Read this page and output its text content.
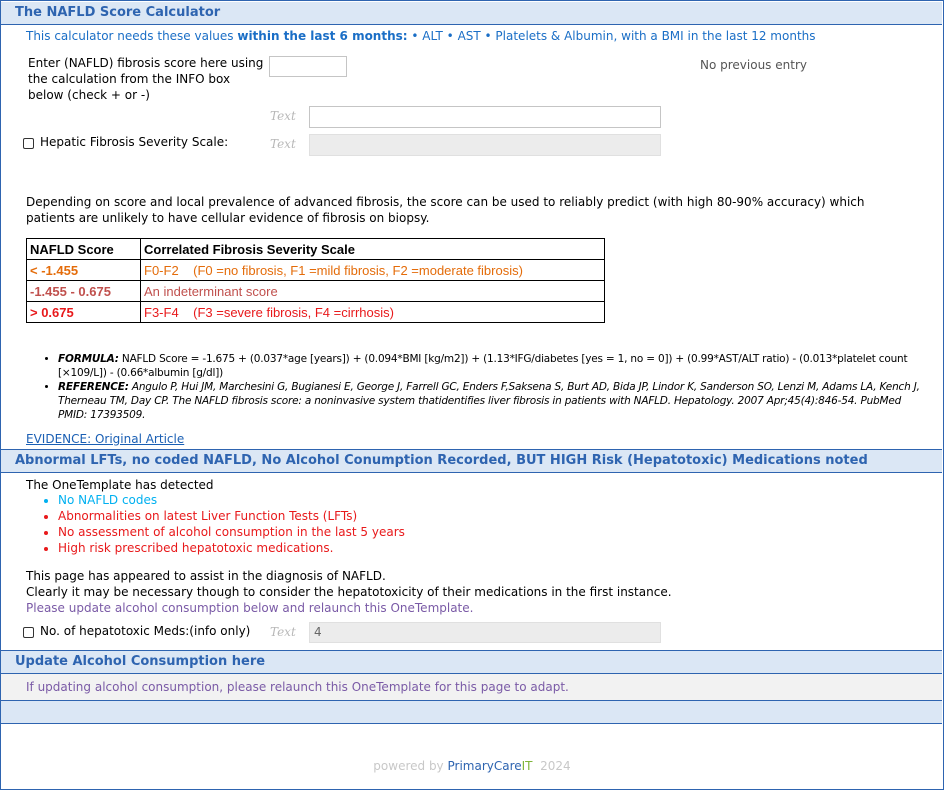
The NAFLD Score Calculator
This calculator needs these values within the last 6 months: • ALT • AST • Platelets & Albumin, with a BMI in the last 12 months
Enter (NAFLD) fibrosis score here using the calculation from the INFO box below (check + or -)
No previous entry
Text
Hepatic Fibrosis Severity Scale:	Text
Depending on score and local prevalence of advanced fibrosis, the score can be used to reliably predict (with high 80-90% accuracy) which patients are unlikely to have cellular evidence of fibrosis on biopsy.
NAFLD Score	Correlated Fibrosis Severity Scale
< -1.455	F0-F2    (F0 =no fibrosis, F1 =mild fibrosis, F2 =moderate fibrosis)
-1.455 - 0.675	An indeterminant score
> 0.675	F3-F4    (F3 =severe fibrosis, F4 =cirrhosis)
• FORMULA: NAFLD Score = -1.675 + (0.037*age [years]) + (0.094*BMI [kg/m2]) + (1.13*IFG/diabetes [yes = 1, no = 0]) + (0.99*AST/ALT ratio) - (0.013*platelet count [×109/L]) - (0.66*albumin [g/dl])
• REFERENCE: Angulo P, Hui JM, Marchesini G, Bugianesi E, George J, Farrell GC, Enders F,Saksena S, Burt AD, Bida JP, Lindor K, Sanderson SO, Lenzi M, Adams LA, Kench J, Therneau TM, Day CP. The NAFLD fibrosis score: a noninvasive system thatidentifies liver fibrosis in patients with NAFLD. Hepatology. 2007 Apr;45(4):846-54. PubMed PMID: 17393509.
EVIDENCE: Original Article
Abnormal LFTs, no coded NAFLD, No Alcohol Conumption Recorded, BUT HIGH Risk (Hepatotoxic) Medications noted
The OneTemplate has detected
• No NAFLD codes
• Abnormalities on latest Liver Function Tests (LFTs)
• No assessment of alcohol consumption in the last 5 years
• High risk prescribed hepatotoxic medications.
This page has appeared to assist in the diagnosis of NAFLD.
Clearly it may be necessary though to consider the hepatotoxicity of their medications in the first instance.
Please update alcohol consumption below and relaunch this OneTemplate.
No. of hepatotoxic Meds:(info only) Text	4
Update Alcohol Consumption here
If updating alcohol consumption, please relaunch this OneTemplate for this page to adapt.
powered by PrimaryCareIT 2024
